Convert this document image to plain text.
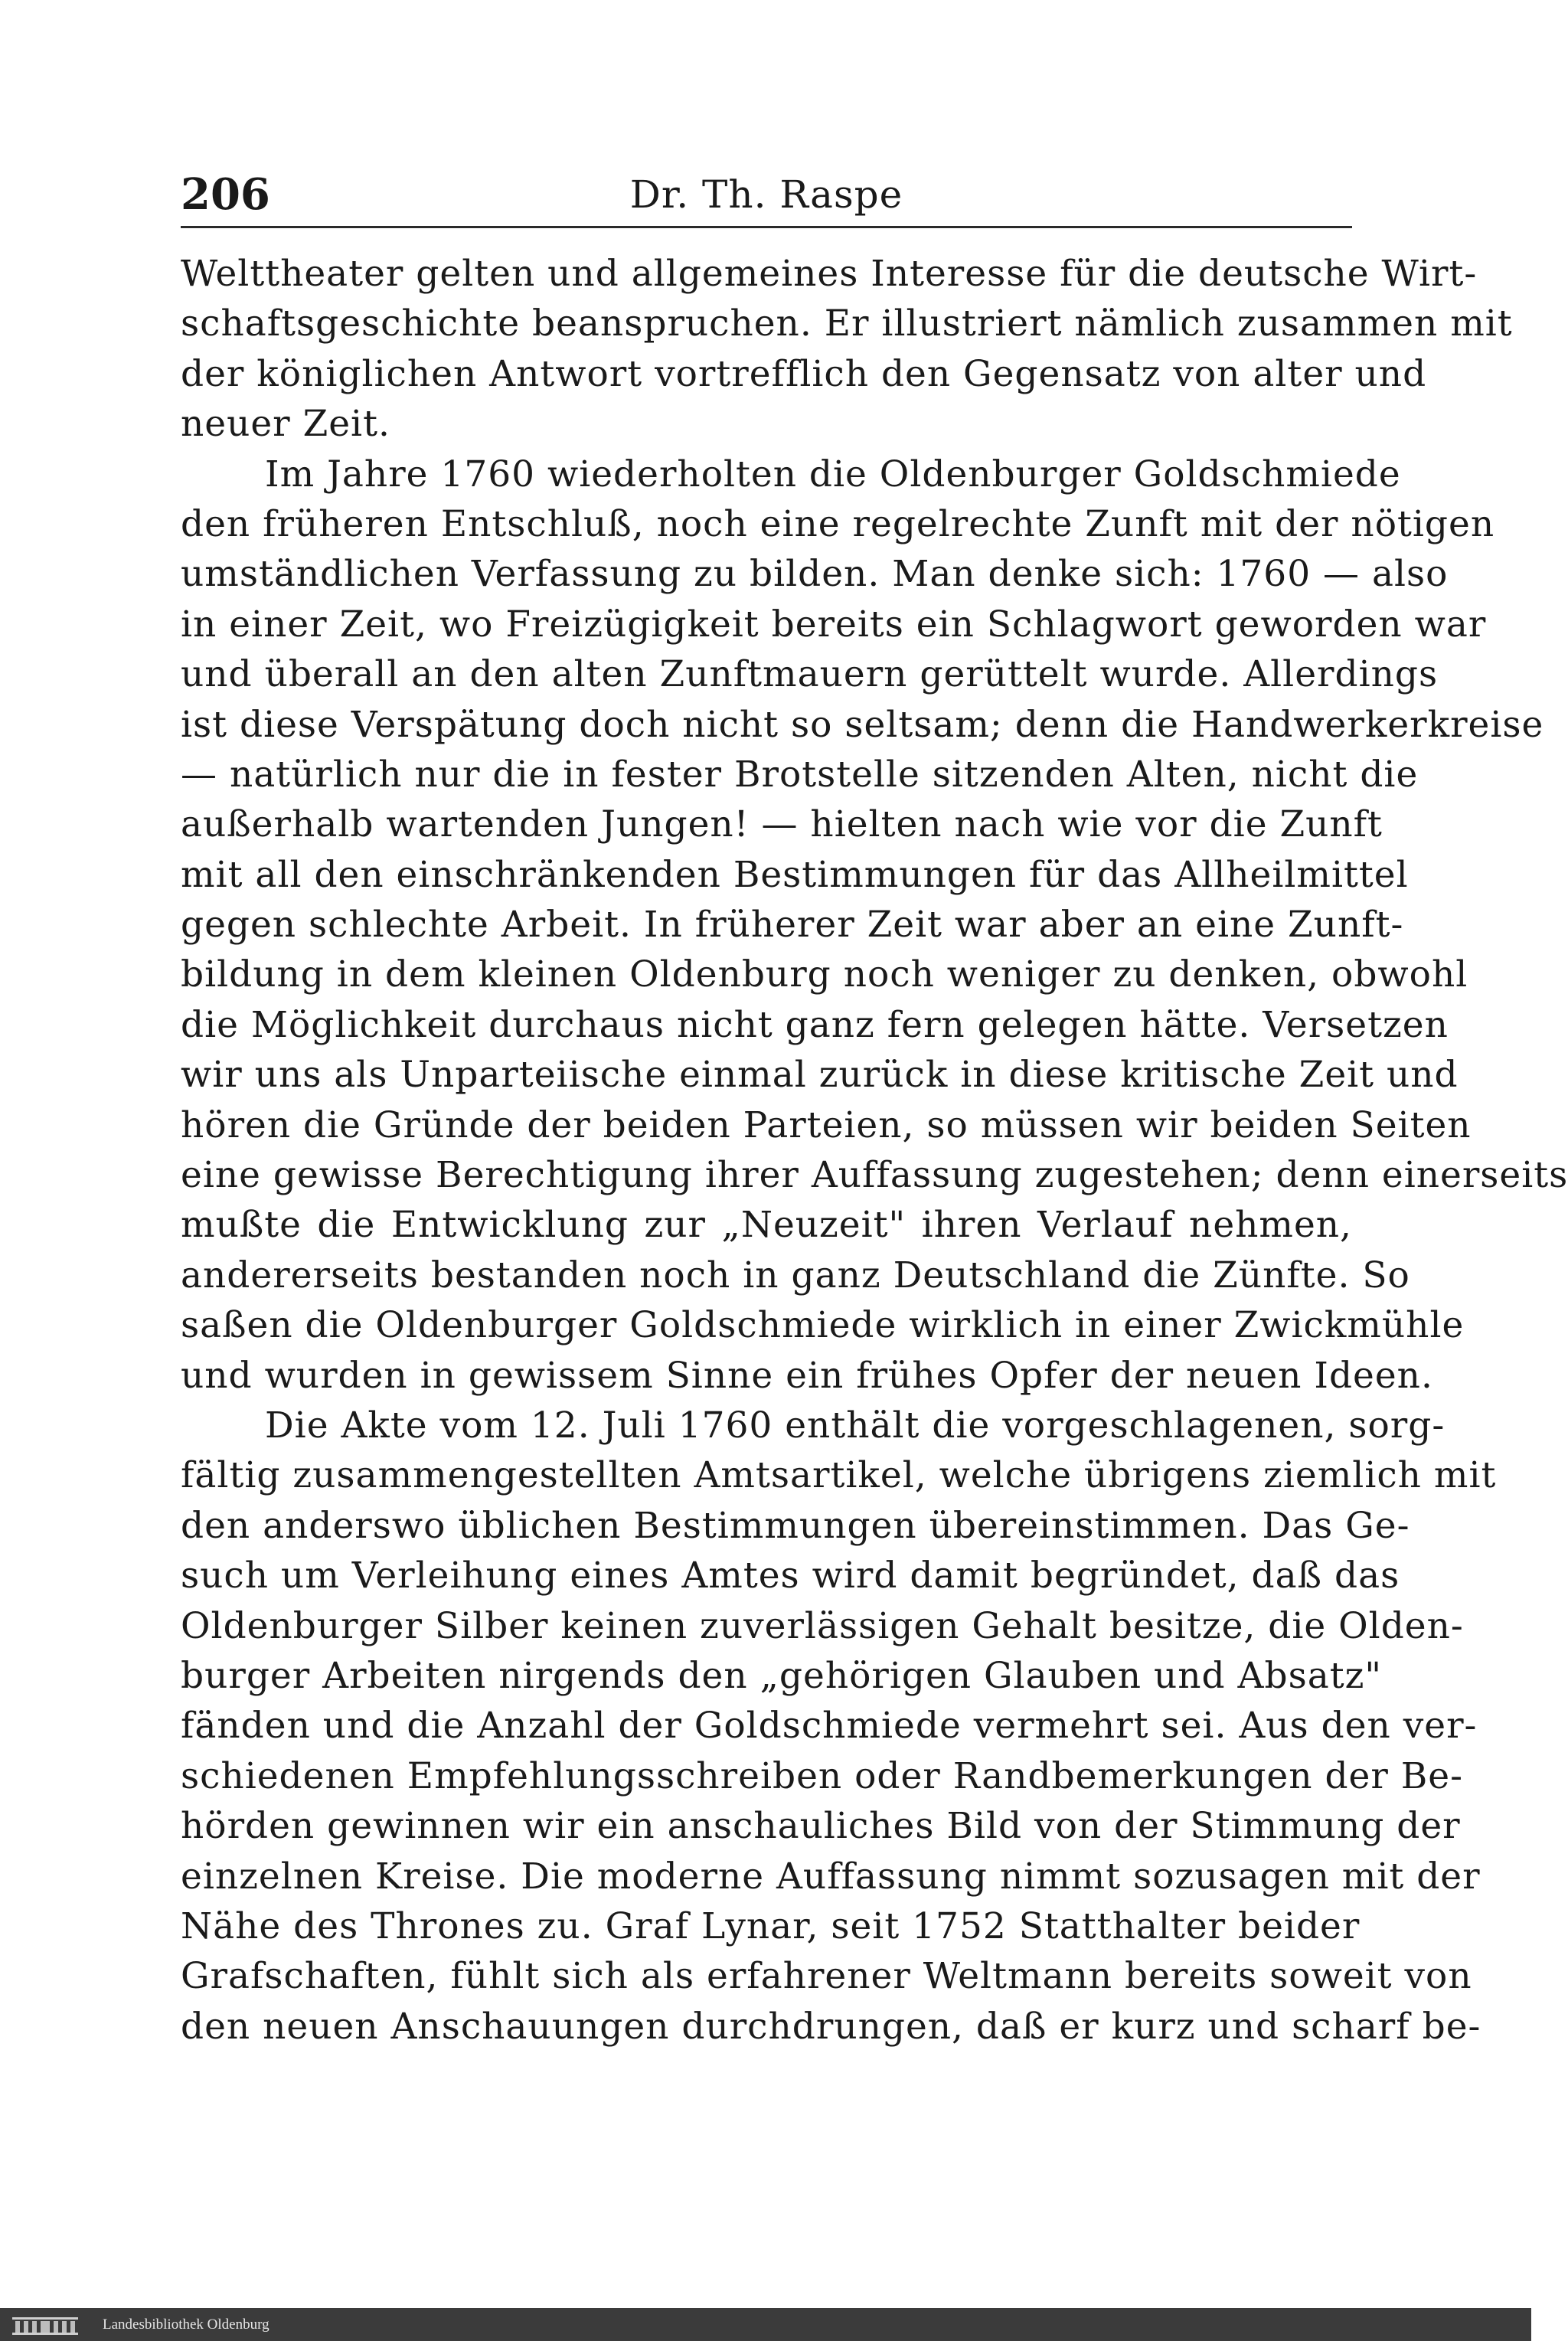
206	Dr. Th. Raspe
Welttheater gelten und allgemeines Interesse für die deutsche Wirt-
schaftsgeschichte beanspruchen. Er illustriert nämlich zusammen mit
der königlichen Antwort vortrefflich den Gegensatz von alter und
neuer Zeit.
Im Jahre 1760 wiederholten die Oldenburger Goldschmiede
den früheren Entschluß, noch eine regelrechte Zunft mit der nötigen
umständlichen Verfassung zu bilden. Man denke sich: 1760 — also
in einer Zeit, wo Freizügigkeit bereits ein Schlagwort geworden war
und überall an den alten Zunftmauern gerüttelt wurde. Allerdings
ist diese Verspätung doch nicht so seltsam; denn die Handwerkerkreise
— natürlich nur die in fester Brotstelle sitzenden Alten, nicht die
außerhalb wartenden Jungen! — hielten nach wie vor die Zunft
mit all den einschränkenden Bestimmungen für das Allheilmittel
gegen schlechte Arbeit. In früherer Zeit war aber an eine Zunft-
bildung in dem kleinen Oldenburg noch weniger zu denken, obwohl
die Möglichkeit durchaus nicht ganz fern gelegen hätte. Versetzen
wir uns als Unparteiische einmal zurück in diese kritische Zeit und
hören die Gründe der beiden Parteien, so müssen wir beiden Seiten
eine gewisse Berechtigung ihrer Auffassung zugestehen; denn einerseits
mußte die Entwicklung zur „Neuzeit" ihren Verlauf nehmen,
andererseits bestanden noch in ganz Deutschland die Zünfte. So
saßen die Oldenburger Goldschmiede wirklich in einer Zwickmühle
und wurden in gewissem Sinne ein frühes Opfer der neuen Ideen.
Die Akte vom 12. Juli 1760 enthält die vorgeschlagenen, sorg-
fältig zusammengestellten Amtsartikel, welche übrigens ziemlich mit
den anderswo üblichen Bestimmungen übereinstimmen. Das Ge-
such um Verleihung eines Amtes wird damit begründet, daß das
Oldenburger Silber keinen zuverlässigen Gehalt besitze, die Olden-
burger Arbeiten nirgends den „gehörigen Glauben und Absatz"
fänden und die Anzahl der Goldschmiede vermehrt sei. Aus den ver-
schiedenen Empfehlungsschreiben oder Randbemerkungen der Be-
hörden gewinnen wir ein anschauliches Bild von der Stimmung der
einzelnen Kreise. Die moderne Auffassung nimmt sozusagen mit der
Nähe des Thrones zu. Graf Lynar, seit 1752 Statthalter beider
Grafschaften, fühlt sich als erfahrener Weltmann bereits soweit von
den neuen Anschauungen durchdrungen, daß er kurz und scharf be-
Landesbibliothek Oldenburg
